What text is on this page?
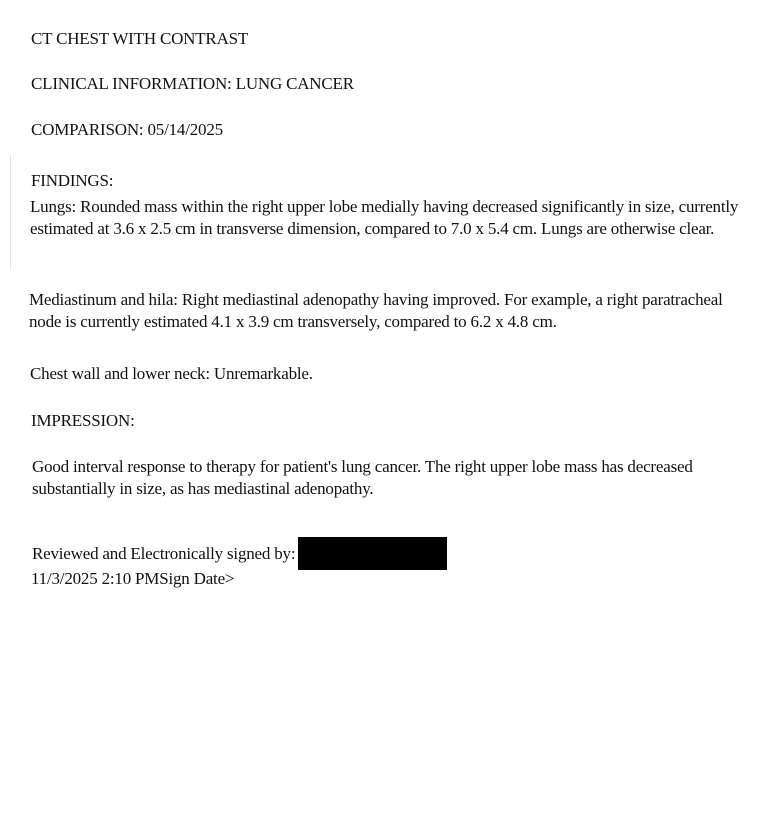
CT CHEST WITH CONTRAST
CLINICAL INFORMATION: LUNG CANCER
COMPARISON: 05/14/2025
FINDINGS:
Lungs: Rounded mass within the right upper lobe medially having decreased significantly in size, currently estimated at 3.6 x 2.5 cm in transverse dimension, compared to 7.0 x 5.4 cm. Lungs are otherwise clear.
Mediastinum and hila: Right mediastinal adenopathy having improved. For example, a right paratracheal node is currently estimated 4.1 x 3.9 cm transversely, compared to 6.2 x 4.8 cm.
Chest wall and lower neck: Unremarkable.
IMPRESSION:
Good interval response to therapy for patient's lung cancer. The right upper lobe mass has decreased substantially in size, as has mediastinal adenopathy.
Reviewed and Electronically signed by:
11/3/2025 2:10 PMSign Date>
